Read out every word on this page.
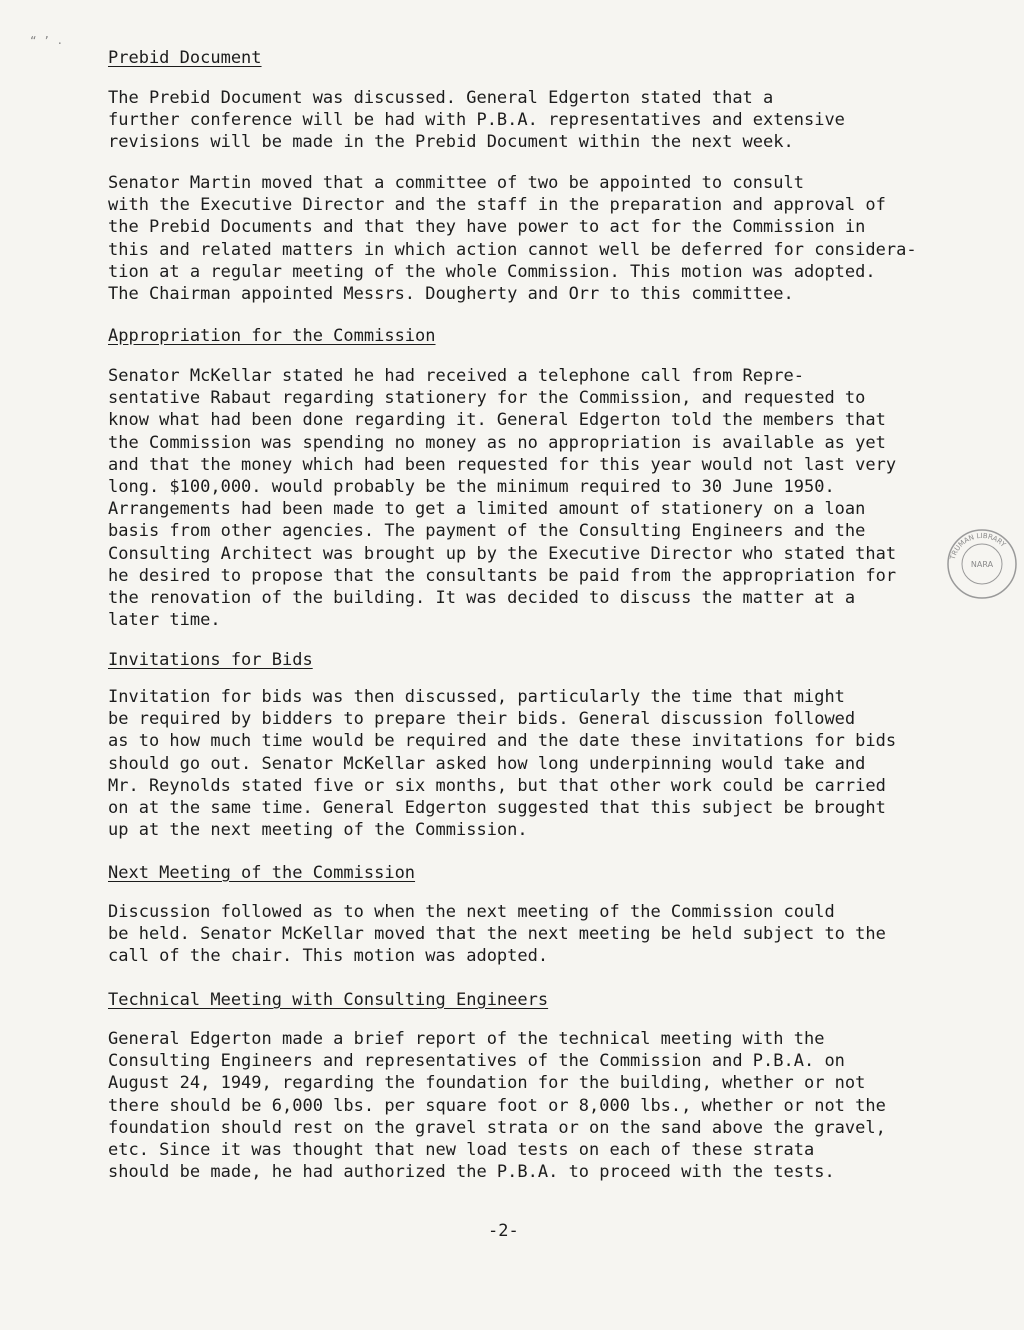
“ ’ .
Prebid Document
The Prebid Document was discussed. General Edgerton stated that a
further conference will be had with P.B.A. representatives and extensive
revisions will be made in the Prebid Document within the next week.
Senator Martin moved that a committee of two be appointed to consult
with the Executive Director and the staff in the preparation and approval of
the Prebid Documents and that they have power to act for the Commission in
this and related matters in which action cannot well be deferred for considera-
tion at a regular meeting of the whole Commission. This motion was adopted.
The Chairman appointed Messrs. Dougherty and Orr to this committee.
Appropriation for the Commission
Senator McKellar stated he had received a telephone call from Repre-
sentative Rabaut regarding stationery for the Commission, and requested to
know what had been done regarding it. General Edgerton told the members that
the Commission was spending no money as no appropriation is available as yet
and that the money which had been requested for this year would not last very
long. $100,000. would probably be the minimum required to 30 June 1950.
Arrangements had been made to get a limited amount of stationery on a loan
basis from other agencies. The payment of the Consulting Engineers and the
Consulting Architect was brought up by the Executive Director who stated that
he desired to propose that the consultants be paid from the appropriation for
the renovation of the building. It was decided to discuss the matter at a
later time.
Invitations for Bids
Invitation for bids was then discussed, particularly the time that might
be required by bidders to prepare their bids. General discussion followed
as to how much time would be required and the date these invitations for bids
should go out. Senator McKellar asked how long underpinning would take and
Mr. Reynolds stated five or six months, but that other work could be carried
on at the same time. General Edgerton suggested that this subject be brought
up at the next meeting of the Commission.
Next Meeting of the Commission
Discussion followed as to when the next meeting of the Commission could
be held. Senator McKellar moved that the next meeting be held subject to the
call of the chair. This motion was adopted.
Technical Meeting with Consulting Engineers
General Edgerton made a brief report of the technical meeting with the
Consulting Engineers and representatives of the Commission and P.B.A. on
August 24, 1949, regarding the foundation for the building, whether or not
there should be 6,000 lbs. per square foot or 8,000 lbs., whether or not the
foundation should rest on the gravel strata or on the sand above the gravel,
etc. Since it was thought that new load tests on each of these strata
should be made, he had authorized the P.B.A. to proceed with the tests.
-2-
TRUMAN LIBRARY
NARA
